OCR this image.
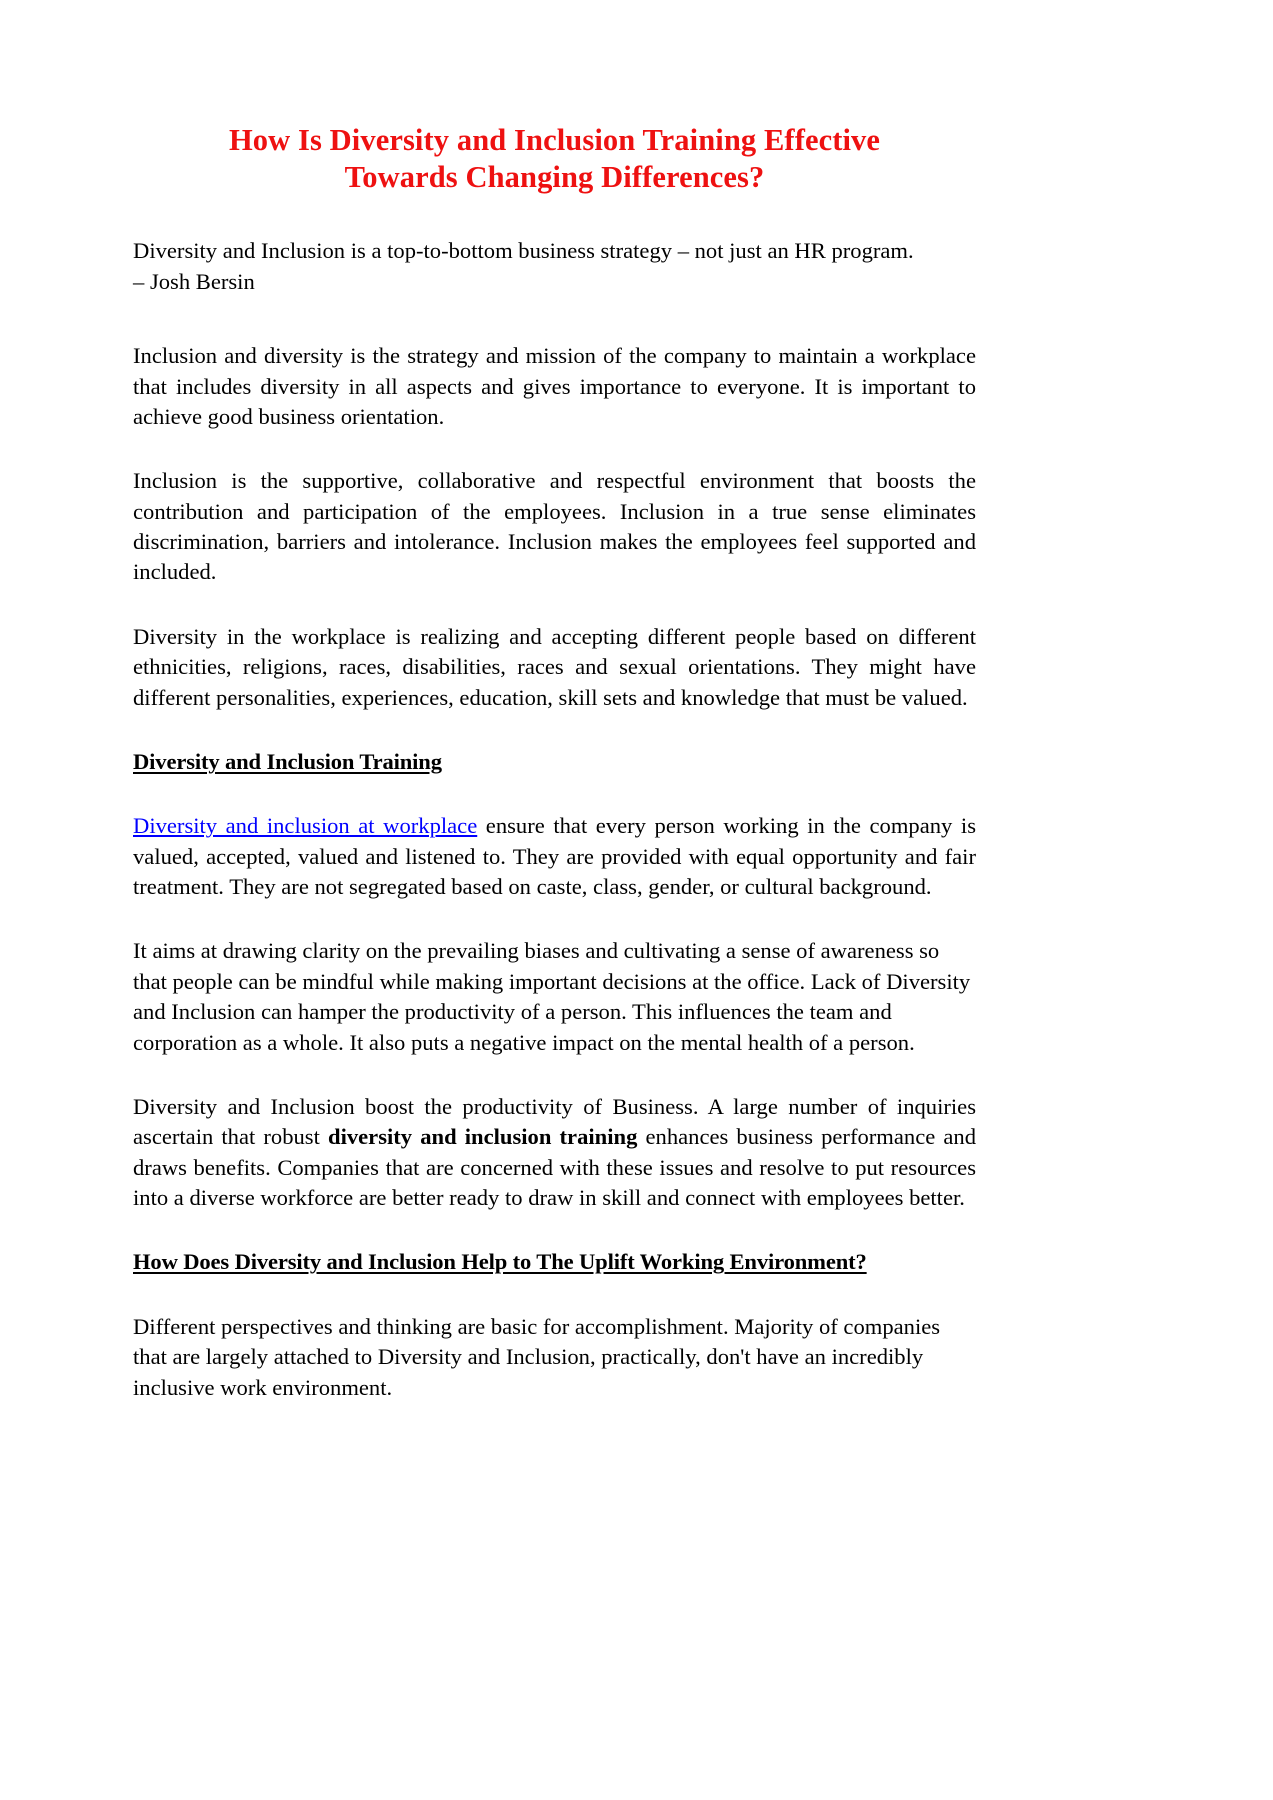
How Is Diversity and Inclusion Training Effective
Towards Changing Differences?

Diversity and Inclusion is a top-to-bottom business strategy – not just an HR program.

– Josh Bersin

Inclusion and diversity is the strategy and mission of the company to maintain a workplace that includes diversity in all aspects and gives importance to everyone. It is important to achieve good business orientation.

Inclusion is the supportive, collaborative and respectful environment that boosts the contribution and participation of the employees. Inclusion in a true sense eliminates discrimination, barriers and intolerance. Inclusion makes the employees feel supported and included.

Diversity in the workplace is realizing and accepting different people based on different ethnicities, religions, races, disabilities, races and sexual orientations. They might have different personalities, experiences, education, skill sets and knowledge that must be valued.

Diversity and Inclusion Training

Diversity and inclusion at workplace ensure that every person working in the company is valued, accepted, valued and listened to. They are provided with equal opportunity and fair treatment. They are not segregated based on caste, class, gender, or cultural background.

It aims at drawing clarity on the prevailing biases and cultivating a sense of awareness so that people can be mindful while making important decisions at the office. Lack of Diversity and Inclusion can hamper the productivity of a person. This influences the team and corporation as a whole. It also puts a negative impact on the mental health of a person.

Diversity and Inclusion boost the productivity of Business. A large number of inquiries ascertain that robust diversity and inclusion training enhances business performance and draws benefits. Companies that are concerned with these issues and resolve to put resources into a diverse workforce are better ready to draw in skill and connect with employees better.

How Does Diversity and Inclusion Help to The Uplift Working Environment?

Different perspectives and thinking are basic for accomplishment. Majority of companies that are largely attached to Diversity and Inclusion, practically, don't have an incredibly inclusive work environment.
